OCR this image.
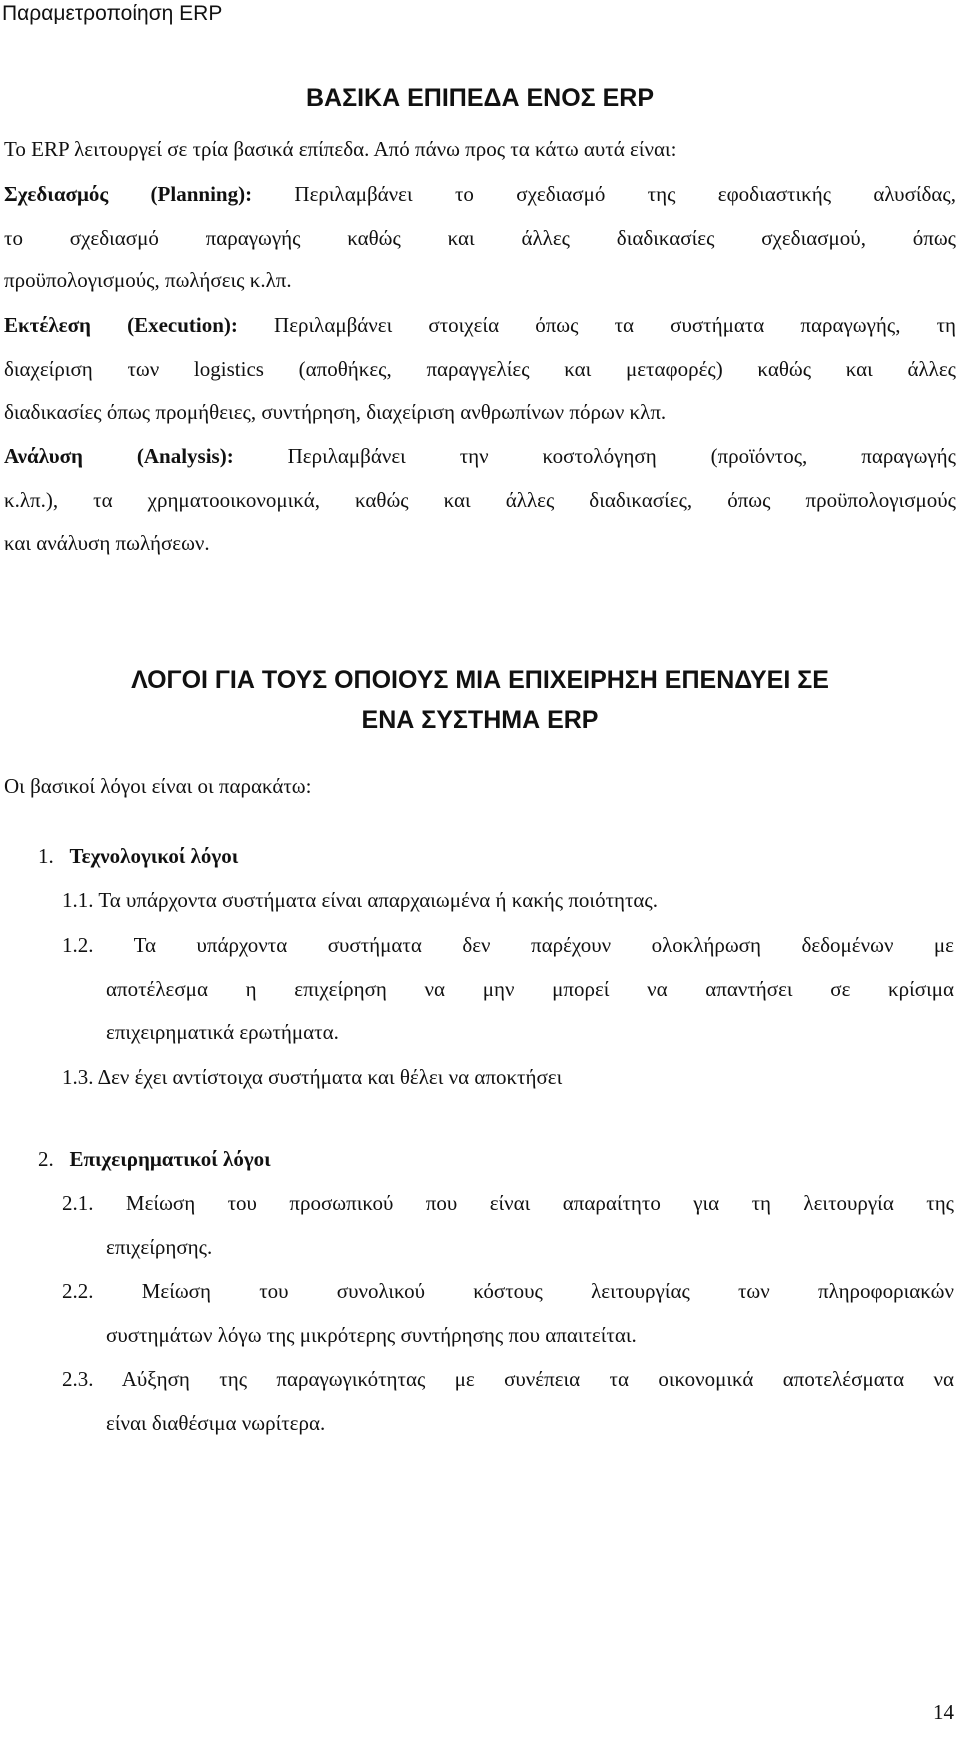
Παραμετροποίηση ERP
ΒΑΣΙΚΑ ΕΠΙΠΕΔΑ ΕΝΟΣ ERP
Το ERP λειτουργεί σε τρία βασικά επίπεδα. Από πάνω προς τα κάτω αυτά είναι:
Σχεδιασμός (Planning): Περιλαμβάνει το σχεδιασμό της εφοδιαστικής αλυσίδας,
το σχεδιασμό παραγωγής καθώς και άλλες διαδικασίες σχεδιασμού, όπως
προϋπολογισμούς, πωλήσεις κ.λπ.
Εκτέλεση (Execution): Περιλαμβάνει στοιχεία όπως τα συστήματα παραγωγής, τη
διαχείριση των logistics (αποθήκες, παραγγελίες και μεταφορές) καθώς και άλλες
διαδικασίες όπως προμήθειες, συντήρηση, διαχείριση ανθρωπίνων πόρων κλπ.
Ανάλυση (Analysis):	Περιλαμβάνει την κοστολόγηση (προϊόντος, παραγωγής
κ.λπ.), τα χρηματοοικονομικά, καθώς και άλλες διαδικασίες, όπως προϋπολογισμούς
και ανάλυση πωλήσεων.
ΛΟΓΟΙ ΓΙΑ ΤΟΥΣ ΟΠΟΙΟΥΣ ΜΙΑ ΕΠΙΧΕΙΡΗΣΗ ΕΠΕΝΔΥΕΙ ΣΕ
ΕΝΑ ΣΥΣΤΗΜΑ ERP
Οι βασικοί λόγοι είναι οι παρακάτω:
1. Τεχνολογικοί λόγοι
1.1. Τα υπάρχοντα συστήματα είναι απαρχαιωμένα ή κακής ποιότητας.
1.2. Τα υπάρχοντα συστήματα δεν παρέχουν ολοκλήρωση δεδομένων με
αποτέλεσμα η επιχείρηση να μην μπορεί να απαντήσει σε κρίσιμα
επιχειρηματικά ερωτήματα.
1.3. Δεν έχει αντίστοιχα συστήματα και θέλει να αποκτήσει
2. Επιχειρηματικοί λόγοι
2.1. Μείωση του προσωπικού που είναι απαραίτητο για τη λειτουργία της
επιχείρησης.
2.2. Μείωση του συνολικού κόστους λειτουργίας των πληροφοριακών
συστημάτων λόγω της μικρότερης συντήρησης που απαιτείται.
2.3. Αύξηση της παραγωγικότητας με συνέπεια τα οικονομικά αποτελέσματα να
είναι διαθέσιμα νωρίτερα.
14
